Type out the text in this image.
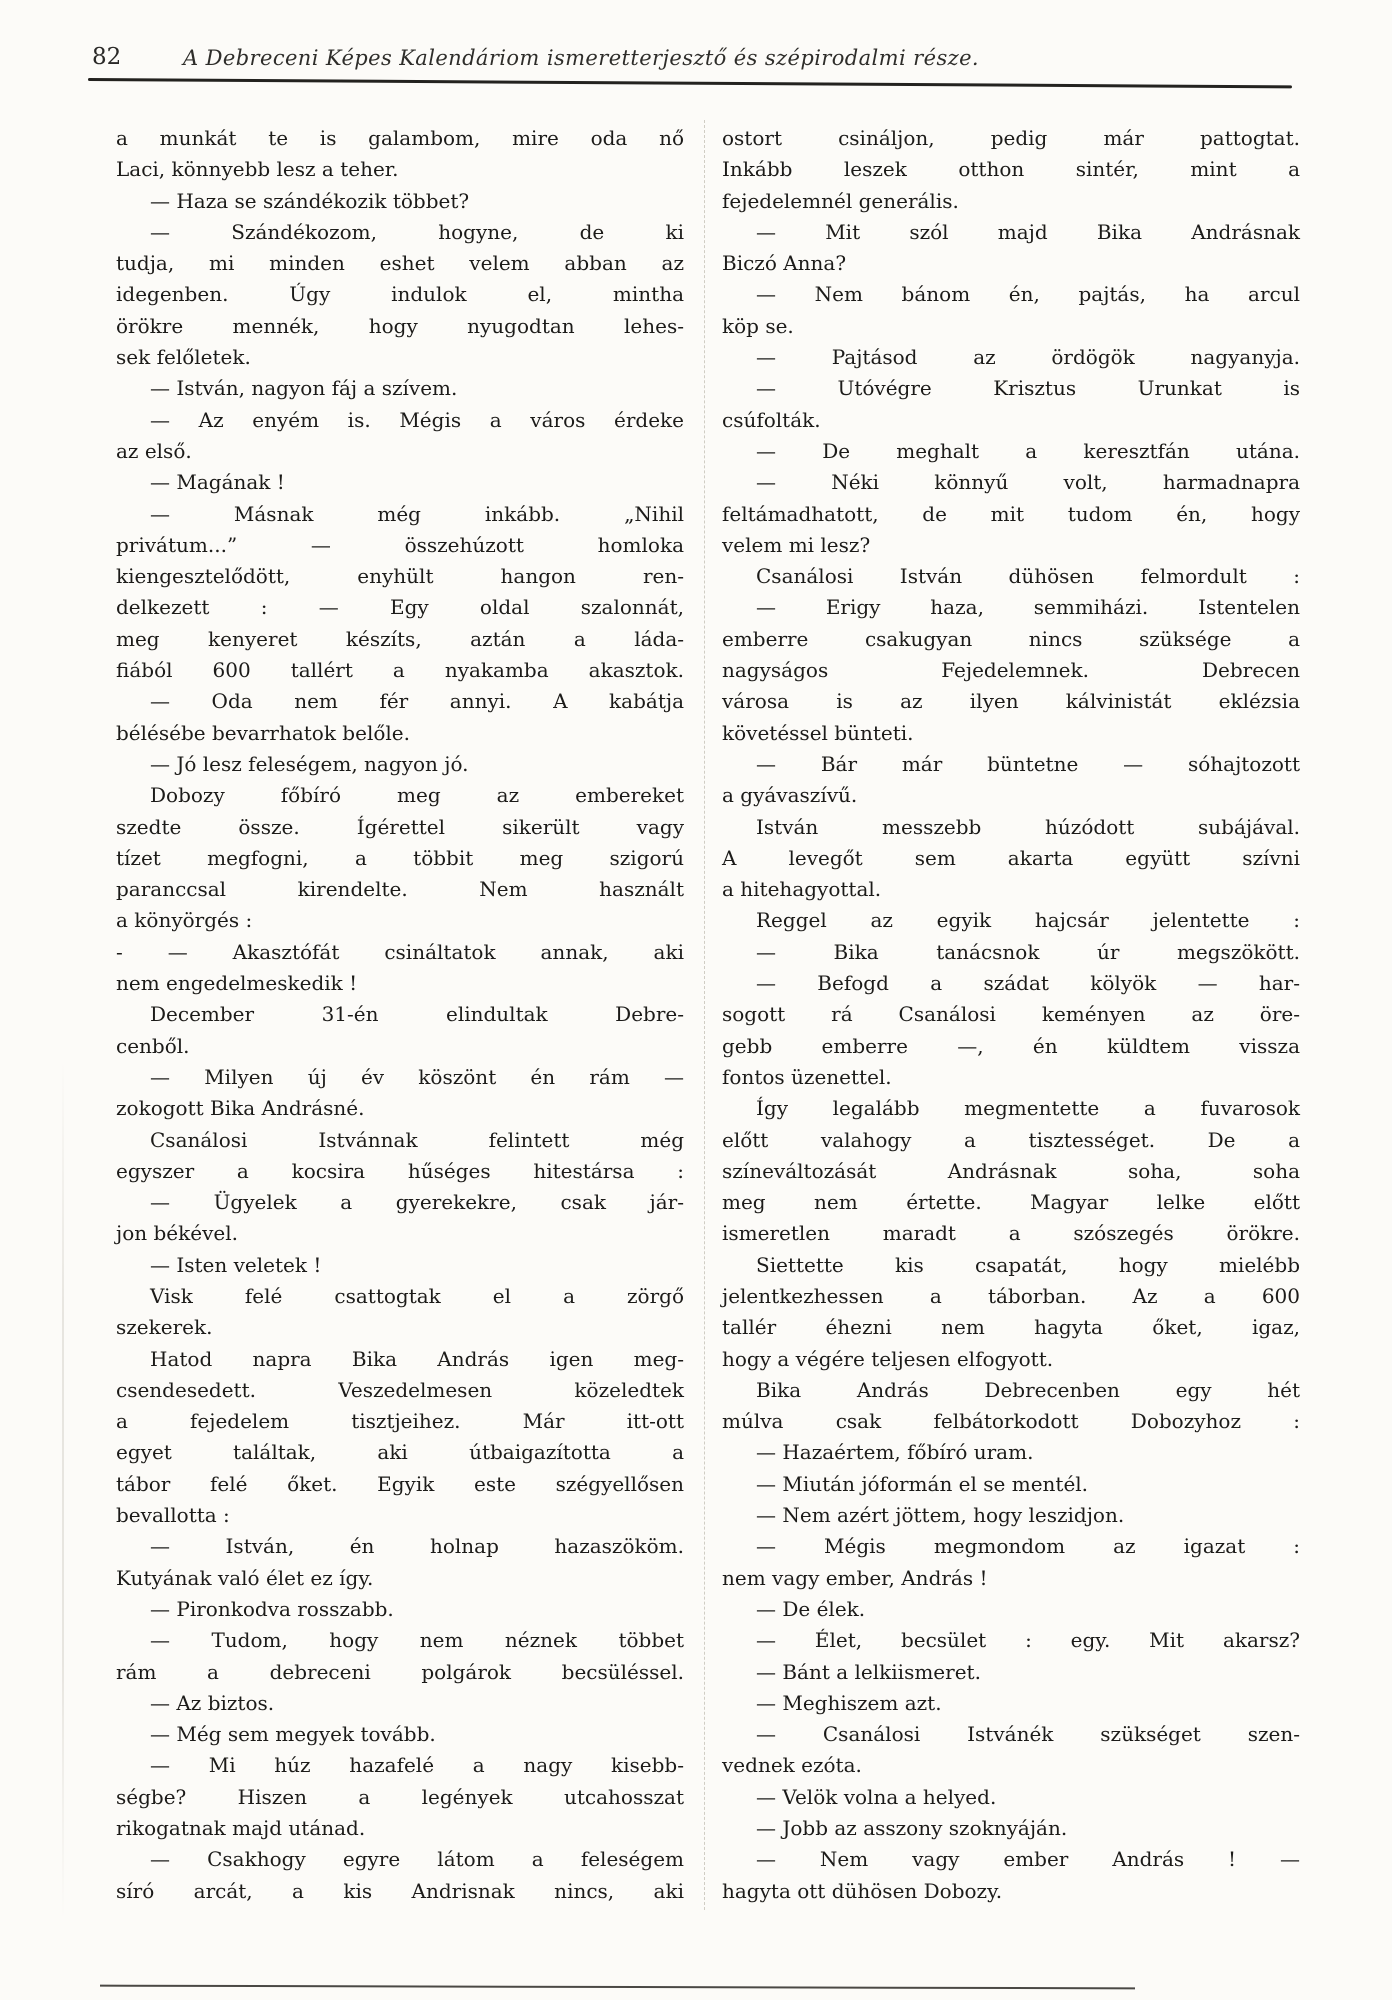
82	A Debreceni Képes Kalendáriom ismeretterjesztő és szépirodalmi része.
a munkát te is galambom, mire oda nő
Laci, könnyebb lesz a teher.
— Haza se szándékozik többet?
— Szándékozom, hogyne, de ki
tudja, mi minden eshet velem abban az
idegenben. Úgy indulok el, mintha
örökre mennék, hogy nyugodtan lehes-
sek felőletek.
— István, nagyon fáj a szívem.
— Az enyém is. Mégis a város érdeke
az első.
— Magának !
— Másnak még inkább. „Nihil
privátum...” — összehúzott homloka
kiengesztelődött, enyhült hangon ren-
delkezett : — Egy oldal szalonnát,
meg kenyeret készíts, aztán a láda-
fiából 600 tallért a nyakamba akasztok.
— Oda nem fér annyi. A kabátja
bélésébe bevarrhatok belőle.
— Jó lesz feleségem, nagyon jó.
Dobozy főbíró meg az embereket
szedte össze. Ígérettel sikerült vagy
tízet megfogni, a többit meg szigorú
paranccsal kirendelte. Nem használt
a könyörgés :
- — Akasztófát csináltatok annak, aki
nem engedelmeskedik !
December 31-én elindultak Debre-
cenből.
— Milyen új év köszönt én rám —
zokogott Bika Andrásné.
Csanálosi Istvánnak felintett még
egyszer a kocsira hűséges hitestársa :
— Ügyelek a gyerekekre, csak jár-
jon békével.
— Isten veletek !
Visk felé csattogtak el a zörgő
szekerek.
Hatod napra Bika András igen meg-
csendesedett. Veszedelmesen közeledtek
a fejedelem tisztjeihez. Már itt-ott
egyet találtak, aki útbaigazította a
tábor felé őket. Egyik este szégyellősen
bevallotta :
— István, én holnap hazaszököm.
Kutyának való élet ez így.
— Pironkodva rosszabb.
— Tudom, hogy nem néznek többet
rám a debreceni polgárok becsüléssel.
— Az biztos.
— Még sem megyek tovább.
— Mi húz hazafelé a nagy kisebb-
ségbe? Hiszen a legények utcahosszat
rikogatnak majd utánad.
— Csakhogy egyre látom a feleségem
síró arcát, a kis Andrisnak nincs, aki
ostort csináljon, pedig már pattogtat.
Inkább leszek otthon sintér, mint a
fejedelemnél generális.
— Mit szól majd Bika Andrásnak
Biczó Anna?
— Nem bánom én, pajtás, ha arcul
köp se.
— Pajtásod az ördögök nagyanyja.
— Utóvégre Krisztus Urunkat is
csúfolták.
— De meghalt a keresztfán utána.
— Néki könnyű volt, harmadnapra
feltámadhatott, de mit tudom én, hogy
velem mi lesz?
Csanálosi István dühösen felmordult :
— Erigy haza, semmiházi. Istentelen
emberre csakugyan nincs szüksége a
nagyságos Fejedelemnek. Debrecen
városa is az ilyen kálvinistát eklézsia
követéssel bünteti.
— Bár már büntetne — sóhajtozott
a gyávaszívű.
István messzebb húzódott subájával.
A levegőt sem akarta együtt szívni
a hitehagyottal.
Reggel az egyik hajcsár jelentette :
— Bika tanácsnok úr megszökött.
— Befogd a szádat kölyök — har-
sogott rá Csanálosi keményen az öre-
gebb emberre —, én küldtem vissza
fontos üzenettel.
Így legalább megmentette a fuvarosok
előtt valahogy a tisztességet. De a
színeváltozását Andrásnak soha, soha
meg nem értette. Magyar lelke előtt
ismeretlen maradt a szószegés örökre.
Siettette kis csapatát, hogy mielébb
jelentkezhessen a táborban. Az a 600
tallér éhezni nem hagyta őket, igaz,
hogy a végére teljesen elfogyott.
Bika András Debrecenben egy hét
múlva csak felbátorkodott Dobozyhoz :
— Hazaértem, főbíró uram.
— Miután jóformán el se mentél.
— Nem azért jöttem, hogy leszidjon.
— Mégis megmondom az igazat :
nem vagy ember, András !
— De élek.
— Élet, becsület : egy. Mit akarsz?
— Bánt a lelkiismeret.
— Meghiszem azt.
— Csanálosi Istvánék szükséget szen-
vednek ezóta.
— Velök volna a helyed.
— Jobb az asszony szoknyáján.
— Nem vagy ember András ! —
hagyta ott dühösen Dobozy.
